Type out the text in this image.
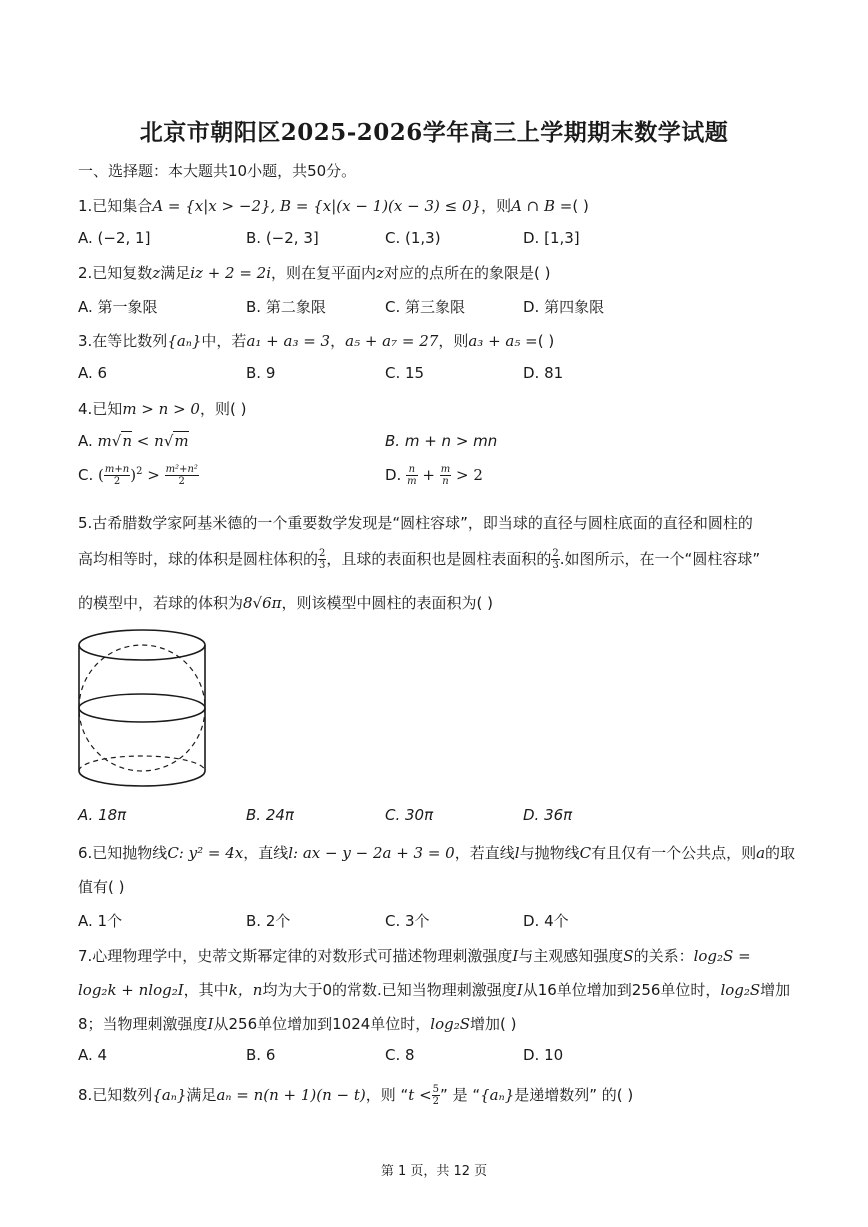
北京市朝阳区2025-2026学年高三上学期期末数学试题
一、选择题：本大题共10小题，共50分。
1.已知集合A = {x|x > −2}, B = {x|(x − 1)(x − 3) ≤ 0}，则A ∩ B =( )
A. (−2, 1]	B. (−2, 3]	C. (1,3)	D. [1,3]
2.已知复数z满足iz + 2 = 2i，则在复平面内z对应的点所在的象限是( )
A. 第一象限	B. 第二象限	C. 第三象限	D. 第四象限
3.在等比数列{aₙ}中，若a₁ + a₃ = 3，a₅ + a₇ = 27，则a₃ + a₅ =( )
A. 6	B. 9	C. 15	D. 81
4.已知m > n > 0，则( )
A. m√n < n√m	B. m + n > mn
C. ( $\frac{m+n}{2} )^2 > \frac{\text{m²+n²}}{2}$	D. $\frac{n}{m} + \frac{m}{n} > 2$
5.古希腊数学家阿基米德的一个重要数学发现是“圆柱容球”，即当球的直径与圆柱底面的直径和圆柱的
高均相等时，球的体积是圆柱体积的 $\frac{2}{3}$ ，且球的表面积也是圆柱表面积的 $\frac{2}{3}$ .如图所示，在一个“圆柱容球”
的模型中，若球的体积为8√6π，则该模型中圆柱的表面积为( )
A. 18π	B. 24π	C. 30π	D. 36π
6.已知抛物线C: y² = 4x，直线l: ax − y − 2a + 3 = 0，若直线l与抛物线C有且仅有一个公共点，则a的取
值有( )
A. 1个	B. 2个	C. 3个	D. 4个
7.心理物理学中，史蒂文斯幂定律的对数形式可描述物理刺激强度I与主观感知强度S的关系：log₂S =
log₂k + nlog₂I，其中k，n均为大于0的常数.已知当物理刺激强度I从16单位增加到256单位时，log₂S增加
8；当物理刺激强度I从256单位增加到1024单位时，log₂S增加( )
A. 4	B. 6	C. 8	D. 10
8.已知数列{aₙ}满足aₙ = n(n + 1)(n − t)，则 “$t < \frac{5}{2}$ ” 是 “{aₙ}是递增数列” 的( )
第 1 页，共 12 页
